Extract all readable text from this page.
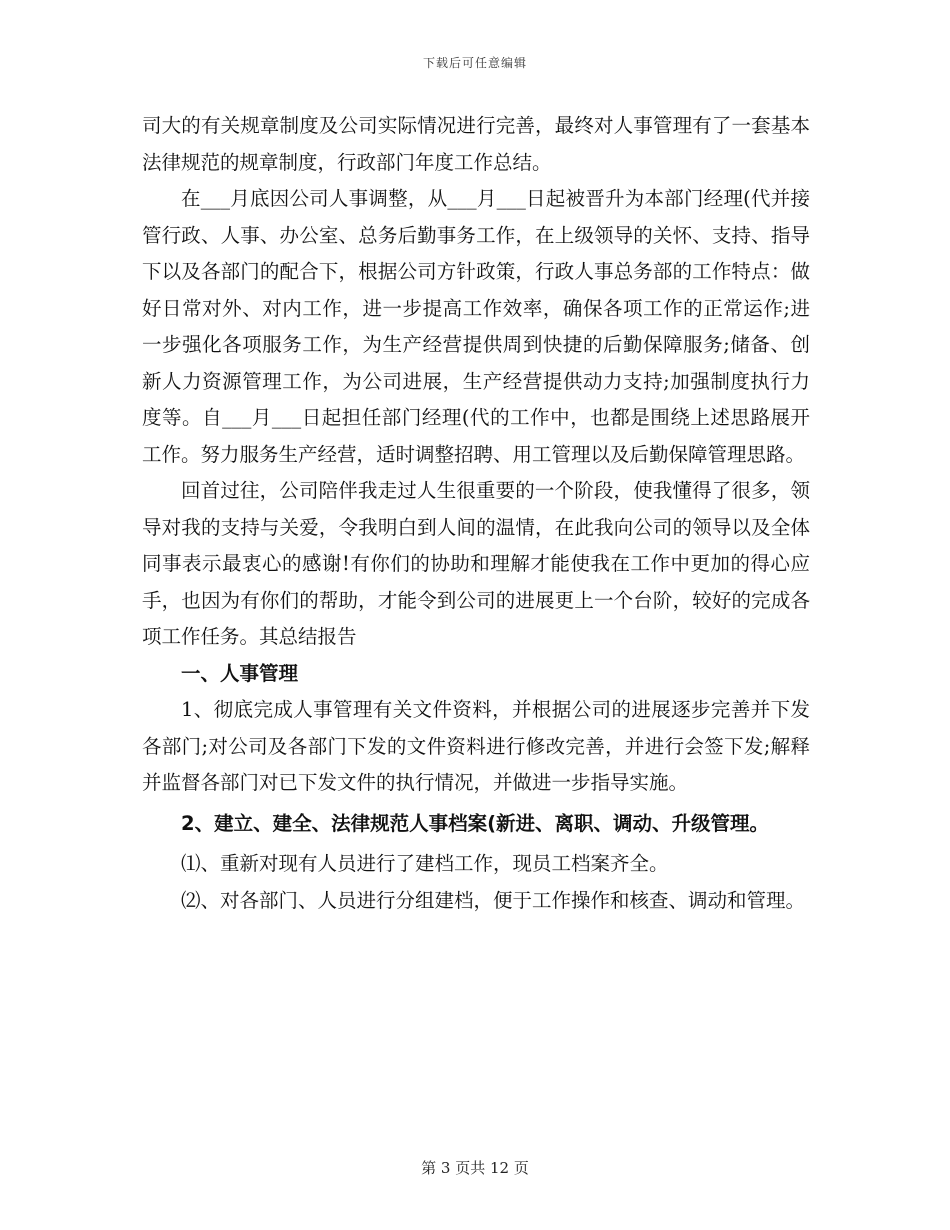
下载后可任意编辑

司大的有关规章制度及公司实际情况进行完善，最终对人事管理有了一套基本法律规范的规章制度，行政部门年度工作总结。

在___月底因公司人事调整，从___月___日起被晋升为本部门经理(代并接管行政、人事、办公室、总务后勤事务工作，在上级领导的关怀、支持、指导下以及各部门的配合下，根据公司方针政策，行政人事总务部的工作特点：做好日常对外、对内工作，进一步提高工作效率，确保各项工作的正常运作;进一步强化各项服务工作，为生产经营提供周到快捷的后勤保障服务;储备、创新人力资源管理工作，为公司进展，生产经营提供动力支持;加强制度执行力度等。自___月___日起担任部门经理(代的工作中，也都是围绕上述思路展开工作。努力服务生产经营，适时调整招聘、用工管理以及后勤保障管理思路。

回首过往，公司陪伴我走过人生很重要的一个阶段，使我懂得了很多，领导对我的支持与关爱，令我明白到人间的温情，在此我向公司的领导以及全体同事表示最衷心的感谢!有你们的协助和理解才能使我在工作中更加的得心应手，也因为有你们的帮助，才能令到公司的进展更上一个台阶，较好的完成各项工作任务。其总结报告

一、人事管理

1、彻底完成人事管理有关文件资料，并根据公司的进展逐步完善并下发各部门;对公司及各部门下发的文件资料进行修改完善，并进行会签下发;解释并监督各部门对已下发文件的执行情况，并做进一步指导实施。

2、建立、建全、法律规范人事档案(新进、离职、调动、升级管理。

⑴、重新对现有人员进行了建档工作，现员工档案齐全。

⑵、对各部门、人员进行分组建档，便于工作操作和核查、调动和管理。

第 3 页共 12 页
